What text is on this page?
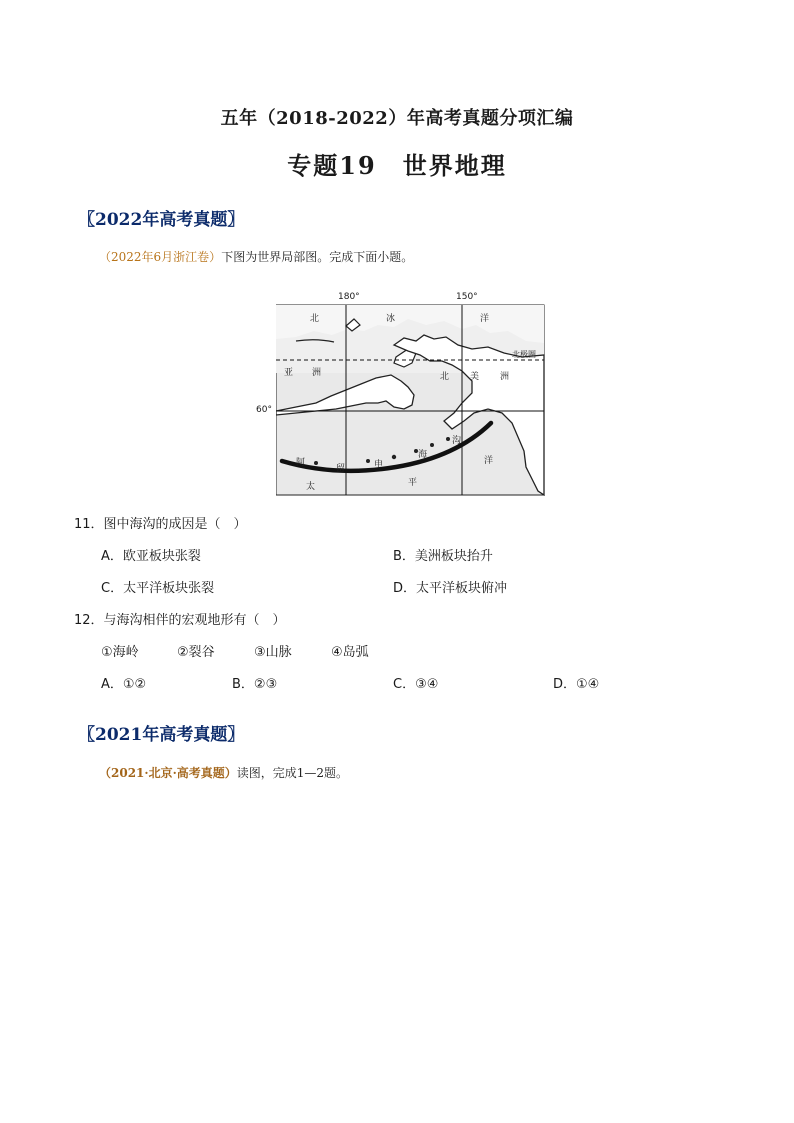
五年（2018-2022）年高考真题分项汇编
专题19　世界地理
〖2022年高考真题〗
（2022年6月浙江卷）下图为世界局部图。完成下面小题。
180°	150°
60°
北	冰	洋
北极圈
亚 洲	北 美 洲
阿
留	申
海
沟
洋
太	平
11．图中海沟的成因是（　）
A．欧亚板块张裂	B．美洲板块抬升
C．太平洋板块张裂	D．太平洋板块俯冲
12．与海沟相伴的宏观地形有（　）
①海岭	②裂谷	③山脉	④岛弧
A．①②	B．②③	C．③④	D．①④
〖2021年高考真题〗
（2021·北京·高考真题）读图，完成1—2题。
